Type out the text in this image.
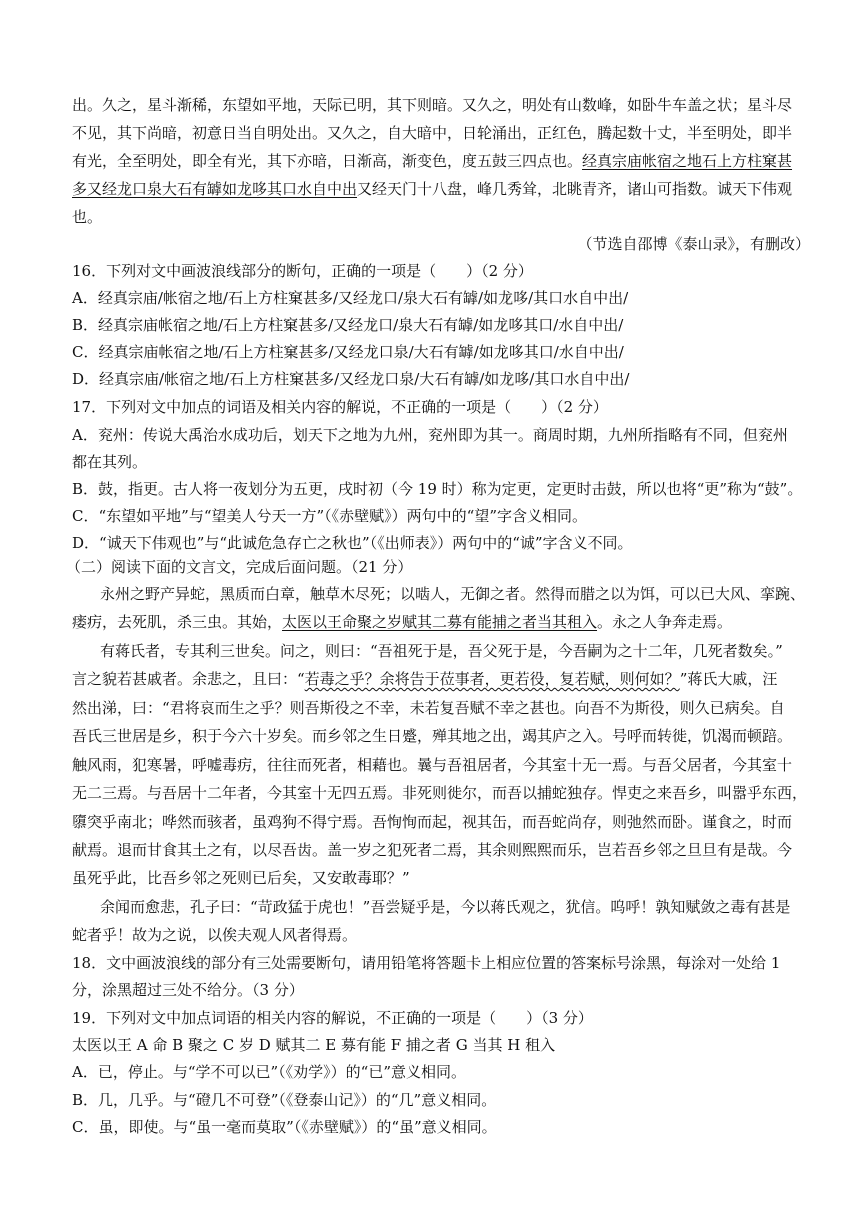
出。久之，星斗渐稀，东望如平地，天际已明，其下则暗。又久之，明处有山数峰，如卧牛车盖之状；星斗尽
不见，其下尚暗，初意日当自明处出。又久之，自大暗中，日轮涌出，正红色，腾起数十丈，半至明处，即半
有光，全至明处，即全有光，其下亦暗，日渐高，渐变色，度五鼓三四点也。经真宗庙帐宿之地石上方柱窠甚
多又经龙口泉大石有罅如龙哆其口水自中出又经天门十八盘，峰几秀耸，北眺青齐，诸山可指数。诚天下伟观
也。
（节选自邵博《泰山录》，有删改）
16．下列对文中画波浪线部分的断句，正确的一项是（　　）（2 分）
A．经真宗庙/帐宿之地/石上方柱窠甚多/又经龙口/泉大石有罅/如龙哆/其口水自中出/
B．经真宗庙帐宿之地/石上方柱窠甚多/又经龙口/泉大石有罅/如龙哆其口/水自中出/
C．经真宗庙帐宿之地/石上方柱窠甚多/又经龙口泉/大石有罅/如龙哆其口/水自中出/
D．经真宗庙/帐宿之地/石上方柱窠甚多/又经龙口泉/大石有罅/如龙哆/其口水自中出/
17．下列对文中加点的词语及相关内容的解说，不正确的一项是（　　）（2 分）
A．兖州：传说大禹治水成功后，划天下之地为九州，兖州即为其一。商周时期，九州所指略有不同，但兖州
都在其列。
B．鼓，指更。古人将一夜划分为五更，戌时初（今 19 时）称为定更，定更时击鼓，所以也将“更”称为“鼓”。
C．“东望如平地”与“望美人兮天一方”（《赤壁赋》）两句中的“望”字含义相同。
D．“诚天下伟观也”与“此诚危急存亡之秋也”（《出师表》）两句中的“诚”字含义不同。
（二）阅读下面的文言文，完成后面问题。（21 分）
永州之野产异蛇，黑质而白章，触草木尽死；以啮人，无御之者。然得而腊之以为饵，可以已大风、挛踠、
瘘疠，去死肌，杀三虫。其始，太医以王命聚之岁赋其二募有能捕之者当其租入。永之人争奔走焉。
有蒋氏者，专其利三世矣。问之，则曰：“吾祖死于是，吾父死于是，今吾嗣为之十二年，几死者数矣。”
言之貌若甚戚者。余悲之，且曰：“若毒之乎？余将告于莅事者，更若役，复若赋，则何如？”蒋氏大戚，汪
然出涕，曰：“君将哀而生之乎？则吾斯役之不幸，未若复吾赋不幸之甚也。向吾不为斯役，则久已病矣。自
吾氏三世居是乡，积于今六十岁矣。而乡邻之生日蹙，殚其地之出，竭其庐之入。号呼而转徙，饥渴而顿踣。
触风雨，犯寒暑，呼嘘毒疠，往往而死者，相藉也。曩与吾祖居者，今其室十无一焉。与吾父居者，今其室十
无二三焉。与吾居十二年者，今其室十无四五焉。非死则徙尔，而吾以捕蛇独存。悍吏之来吾乡，叫嚣乎东西，
隳突乎南北；哗然而骇者，虽鸡狗不得宁焉。吾恂恂而起，视其缶，而吾蛇尚存，则弛然而卧。谨食之，时而
献焉。退而甘食其土之有，以尽吾齿。盖一岁之犯死者二焉，其余则熙熙而乐，岂若吾乡邻之旦旦有是哉。今
虽死乎此，比吾乡邻之死则已后矣，又安敢毒耶？”
余闻而愈悲，孔子曰：“苛政猛于虎也！”吾尝疑乎是，今以蒋氏观之，犹信。呜呼！孰知赋敛之毒有甚是
蛇者乎！故为之说，以俟夫观人风者得焉。
18．文中画波浪线的部分有三处需要断句，请用铅笔将答题卡上相应位置的答案标号涂黑，每涂对一处给 1
分，涂黑超过三处不给分。（3 分）
19．下列对文中加点词语的相关内容的解说，不正确的一项是（　　）（3 分）
太医以王 A 命 B 聚之 C 岁 D 赋其二 E 募有能 F 捕之者 G 当其 H 租入
A．已，停止。与“学不可以已”（《劝学》）的“已”意义相同。
B．几，几乎。与“磴几不可登”（《登泰山记》）的“几”意义相同。
C．虽，即使。与“虽一毫而莫取”（《赤壁赋》）的“虽”意义相同。
